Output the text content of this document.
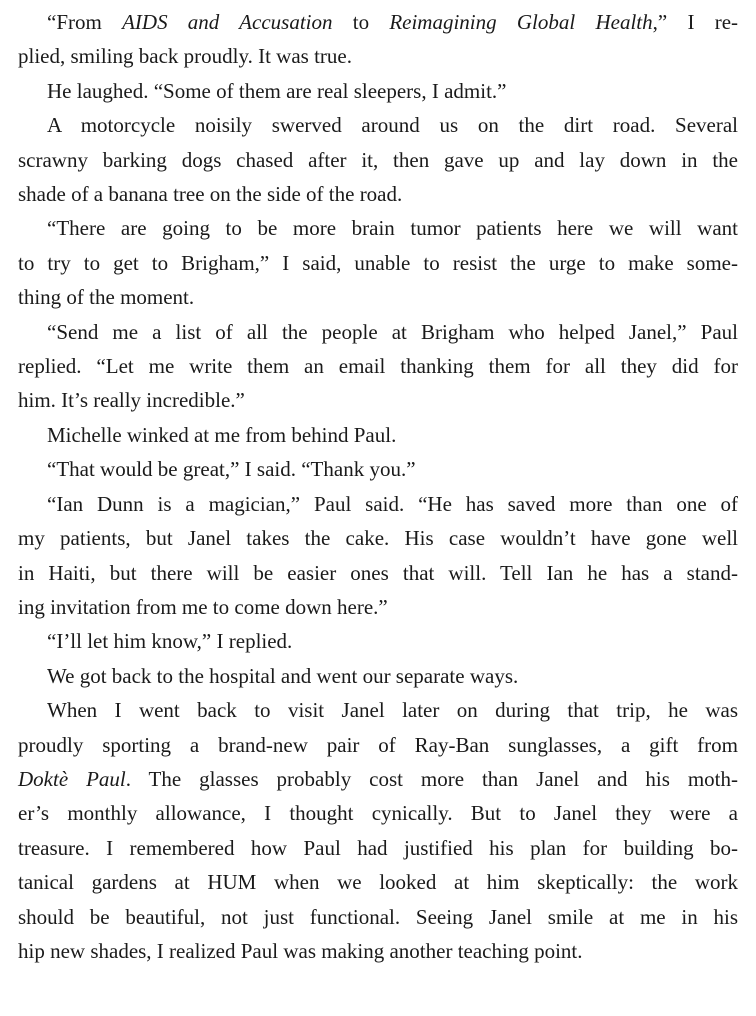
“From AIDS and Accusation to Reimagining Global Health,” I re-
plied, smiling back proudly. It was true.

He laughed. “Some of them are real sleepers, I admit.”

A motorcycle noisily swerved around us on the dirt road. Several
scrawny barking dogs chased after it, then gave up and lay down in the
shade of a banana tree on the side of the road.

“There are going to be more brain tumor patients here we will want
to try to get to Brigham,” I said, unable to resist the urge to make some-
thing of the moment.

“Send me a list of all the people at Brigham who helped Janel,” Paul
replied. “Let me write them an email thanking them for all they did for
him. It’s really incredible.”

Michelle winked at me from behind Paul.

“That would be great,” I said. “Thank you.”

“Ian Dunn is a magician,” Paul said. “He has saved more than one of
my patients, but Janel takes the cake. His case wouldn’t have gone well
in Haiti, but there will be easier ones that will. Tell Ian he has a stand-
ing invitation from me to come down here.”

“I’ll let him know,” I replied.

We got back to the hospital and went our separate ways.

When I went back to visit Janel later on during that trip, he was
proudly sporting a brand-new pair of Ray-Ban sunglasses, a gift from
Doktè Paul. The glasses probably cost more than Janel and his moth-
er’s monthly allowance, I thought cynically. But to Janel they were a
treasure. I remembered how Paul had justified his plan for building bo-
tanical gardens at HUM when we looked at him skeptically: the work
should be beautiful, not just functional. Seeing Janel smile at me in his
hip new shades, I realized Paul was making another teaching point.
